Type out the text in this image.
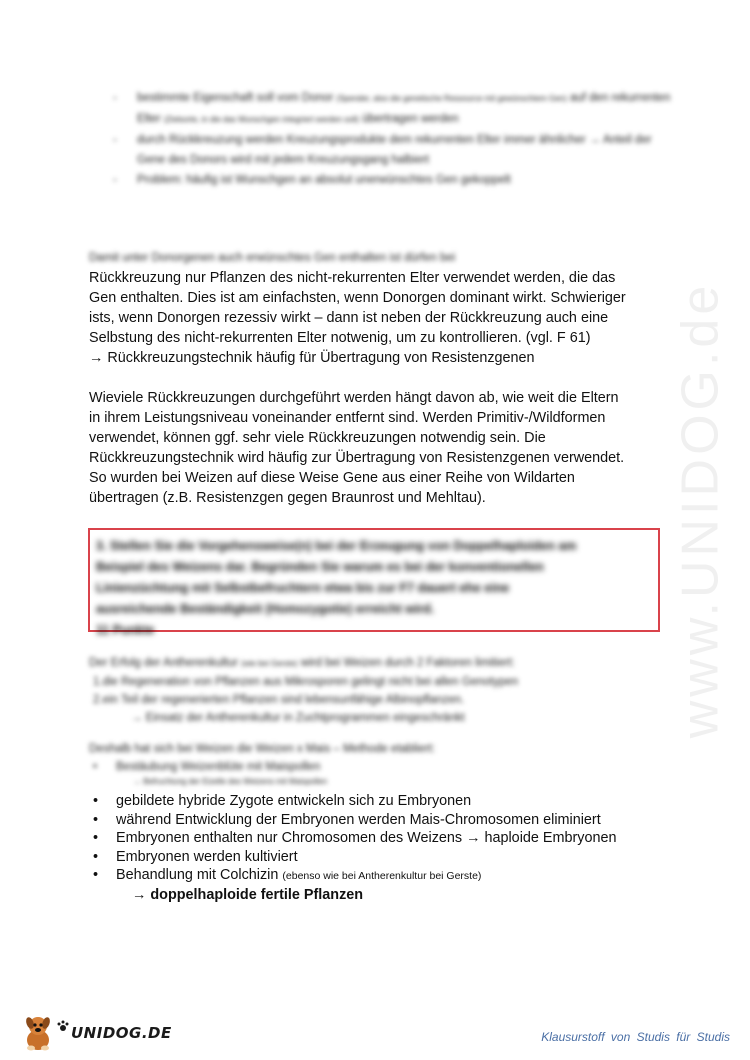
www.UNIDOG.de
- bestimmte Eigenschaft soll vom Donor (Spender, also die genetische Ressource mit gewünschtem Gen) auf den rekurrenten Elter (Zielsorte, in die das Wunschgen integriert werden soll) übertragen werden
- durch Rückkreuzung werden Kreuzungsprodukte dem rekurrenten Elter immer ähnlicher → Anteil der Gene des Donors wird mit jedem Kreuzungsgang halbiert
- Problem: häufig ist Wunschgen an absolut unerwünschtes Gen gekoppelt

Damit unter Donorgenen auch erwünschtes Gen enthalten ist dürfen bei

Rückkreuzung nur Pflanzen des nicht-rekurrenten Elter verwendet werden, die das

Gen enthalten. Dies ist am einfachsten, wenn Donorgen dominant wirkt. Schwieriger

ists, wenn Donorgen rezessiv wirkt – dann ist neben der Rückkreuzung auch eine

Selbstung des nicht-rekurrenten Elter notwenig, um zu kontrollieren. (vgl. F 61)

→ Rückkreuzungstechnik häufig für Übertragung von Resistenzgenen

Wieviele Rückkreuzungen durchgeführt werden hängt davon ab, wie weit die Eltern

in ihrem Leistungsniveau voneinander entfernt sind. Werden Primitiv-/Wildformen

verwendet, können ggf. sehr viele Rückkreuzungen notwendig sein. Die

Rückkreuzungstechnik wird häufig zur Übertragung von Resistenzgenen verwendet.

So wurden bei Weizen auf diese Weise Gene aus einer Reihe von Wildarten

übertragen (z.B. Resistenzgen gegen Braunrost und Mehltau).

3. Stellen Sie die Vorgehensweise(n) bei der Erzeugung von Doppelhaploiden am

Beispiel des Weizens dar. Begründen Sie warum es bei der konventionellen

Linienzüchtung mit Selbstbefruchtern etwa bis zur F7 dauert ehe eine

ausreichende Beständigkeit (Homozygotie) erreicht wird.

11 Punkte

Der Erfolg der Antherenkultur (wie bei Gerste) wird bei Weizen durch 2 Faktoren limitiert:

1.die Regeneration von Pflanzen aus Mikrosporen gelingt nicht bei allen Genotypen

2.ein Teil der regenerierten Pflanzen sind lebensunfähige Albinopflanzen.

→ Einsatz der Antherenkultur in Zuchtprogrammen eingeschränkt

Deshalb hat sich bei Weizen die Weizen x Mais – Methode etabliert:

• Bestäubung Weizenblüte mit Maispollen

→ Befruchtung der Eizelle des Weizens mit Maispollen

• gebildete hybride Zygote entwickeln sich zu Embryonen
• während Entwicklung der Embryonen werden Mais-Chromosomen eliminiert
• Embryonen enthalten nur Chromosomen des Weizens → haploide Embryonen
• Embryonen werden kultiviert
• Behandlung mit Colchizin (ebenso wie bei Antherenkultur bei Gerste)
→ doppelhaploide fertile Pflanzen
UNIDOG.DE	Klausurstoff von Studis für Studis
